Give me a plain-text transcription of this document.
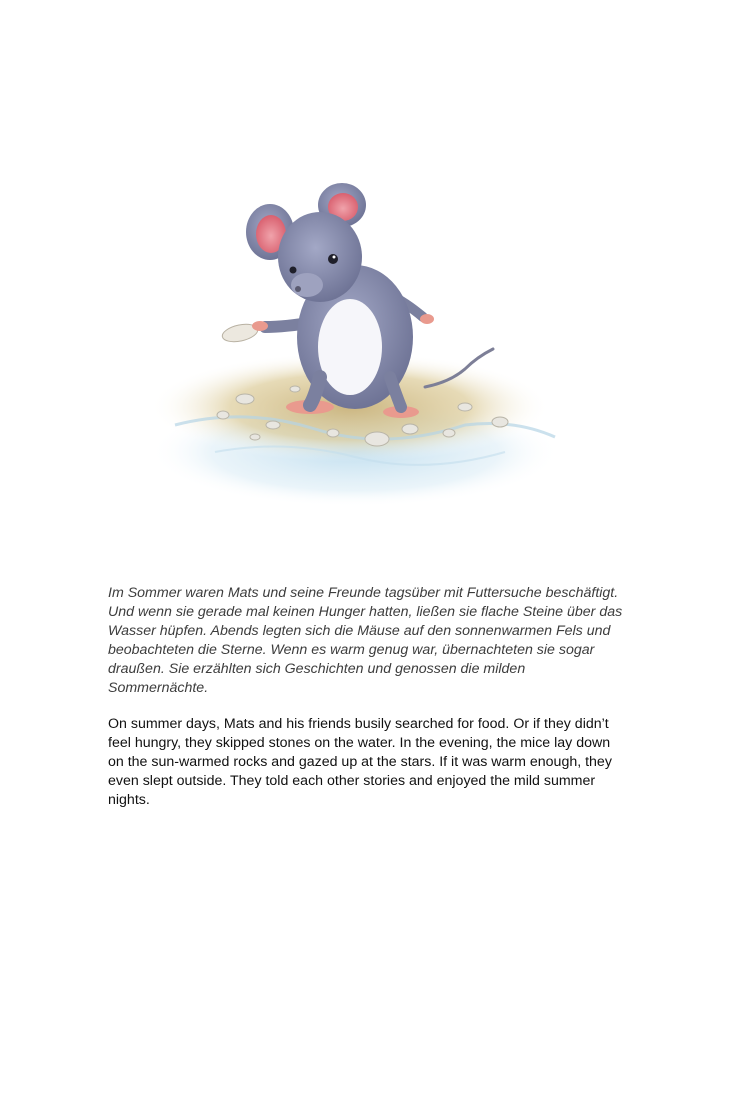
Im Sommer waren Mats und seine Freunde tagsüber mit Futtersuche beschäftigt. Und wenn sie gerade mal keinen Hunger hatten, ließen sie flache Steine über das Wasser hüpfen. Abends legten sich die Mäuse auf den sonnenwarmen Fels und beobachteten die Sterne. Wenn es warm genug war, übernachteten sie sogar draußen. Sie erzählten sich Geschichten und genossen die milden Sommernächte.

On summer days, Mats and his friends busily searched for food. Or if they didn’t feel hungry, they skipped stones on the water. In the evening, the mice lay down on the sun-warmed rocks and gazed up at the stars. If it was warm enough, they even slept outside. They told each other stories and enjoyed the mild summer nights.
